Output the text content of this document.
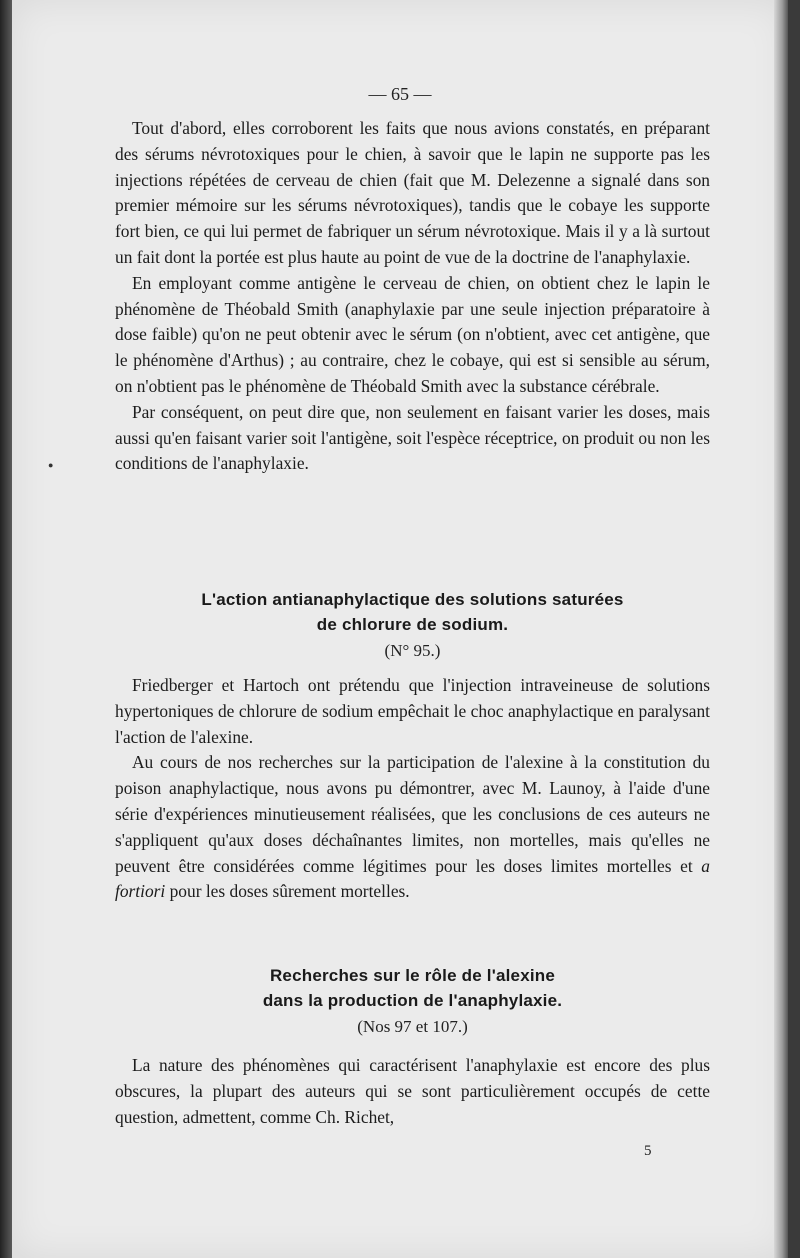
— 65 —
●

Tout d'abord, elles corroborent les faits que nous avions constatés, en préparant des sérums névrotoxiques pour le chien, à savoir que le lapin ne supporte pas les injections répétées de cerveau de chien (fait que M. Delezenne a signalé dans son premier mémoire sur les sérums névrotoxiques), tandis que le cobaye les supporte fort bien, ce qui lui permet de fabriquer un sérum névrotoxique. Mais il y a là surtout un fait dont la portée est plus haute au point de vue de la doctrine de l'anaphylaxie.

En employant comme antigène le cerveau de chien, on obtient chez le lapin le phénomène de Théobald Smith (anaphylaxie par une seule injection préparatoire à dose faible) qu'on ne peut obtenir avec le sérum (on n'obtient, avec cet antigène, que le phénomène d'Arthus) ; au contraire, chez le cobaye, qui est si sensible au sérum, on n'obtient pas le phénomène de Théobald Smith avec la substance cérébrale.

Par conséquent, on peut dire que, non seulement en faisant varier les doses, mais aussi qu'en faisant varier soit l'antigène, soit l'espèce réceptrice, on produit ou non les conditions de l'anaphylaxie.

L'action antianaphylactique des solutions saturées
de chlorure de sodium.
(N° 95.)

Friedberger et Hartoch ont prétendu que l'injection intraveineuse de solutions hypertoniques de chlorure de sodium empêchait le choc anaphylactique en paralysant l'action de l'alexine.

Au cours de nos recherches sur la participation de l'alexine à la constitution du poison anaphylactique, nous avons pu démontrer, avec M. Launoy, à l'aide d'une série d'expériences minutieusement réalisées, que les conclusions de ces auteurs ne s'appliquent qu'aux doses déchaînantes limites, non mortelles, mais qu'elles ne peuvent être considérées comme légitimes pour les doses limites mortelles et a fortiori pour les doses sûrement mortelles.

Recherches sur le rôle de l'alexine
dans la production de l'anaphylaxie.
(Nos 97 et 107.)

La nature des phénomènes qui caractérisent l'anaphylaxie est encore des plus obscures, la plupart des auteurs qui se sont particulièrement occupés de cette question, admettent, comme Ch. Richet,

5
